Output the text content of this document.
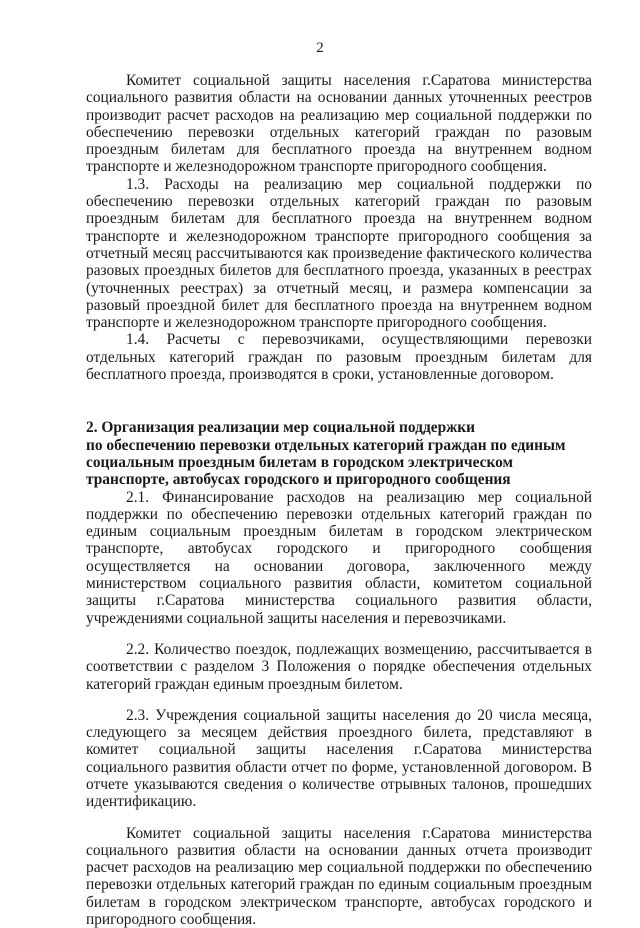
2

Комитет социальной защиты населения г.Саратова министерства социального развития области на основании данных уточненных реестров производит расчет расходов на реализацию мер социальной поддержки по обеспечению перевозки отдельных категорий граждан по разовым проездным билетам для бесплатного проезда на внутреннем водном транспорте и железнодорожном транспорте пригородного сообщения.

1.3. Расходы на реализацию мер социальной поддержки по обеспечению перевозки отдельных категорий граждан по разовым проездным билетам для бесплатного проезда на внутреннем водном транспорте и железнодорожном транспорте пригородного сообщения за отчетный месяц рассчитываются как произведение фактического количества разовых проездных билетов для бесплатного проезда, указанных в реестрах (уточненных реестрах) за отчетный месяц, и размера компенсации за разовый проездной билет для бесплатного проезда на внутреннем водном транспорте и железнодорожном транспорте пригородного сообщения.

1.4. Расчеты с перевозчиками, осуществляющими перевозки отдельных категорий граждан по разовым проездным билетам для бесплатного проезда, производятся в сроки, установленные договором.

2. Организация реализации мер социальной поддержки

по обеспечению перевозки отдельных категорий граждан по единым

социальным проездным билетам в городском электрическом

транспорте, автобусах городского и пригородного сообщения

2.1. Финансирование расходов на реализацию мер социальной поддержки по обеспечению перевозки отдельных категорий граждан по единым социальным проездным билетам в городском электрическом транспорте, автобусах городского и пригородного сообщения осуществляется на основании договора, заключенного между министерством социального развития области, комитетом социальной защиты г.Саратова министерства социального развития области, учреждениями социальной защиты населения и перевозчиками.

2.2. Количество поездок, подлежащих возмещению, рассчитывается в соответствии с разделом 3 Положения о порядке обеспечения отдельных категорий граждан единым проездным билетом.

2.3. Учреждения социальной защиты населения до 20 числа месяца, следующего за месяцем действия проездного билета, представляют в комитет социальной защиты населения г.Саратова министерства социального развития области отчет по форме, установленной договором. В отчете указываются сведения о количестве отрывных талонов, прошедших идентификацию.

Комитет социальной защиты населения г.Саратова министерства социального развития области на основании данных отчета производит расчет расходов на реализацию мер социальной поддержки по обеспечению перевозки отдельных категорий граждан по единым социальным проездным билетам в городском электрическом транспорте, автобусах городского и пригородного сообщения.
